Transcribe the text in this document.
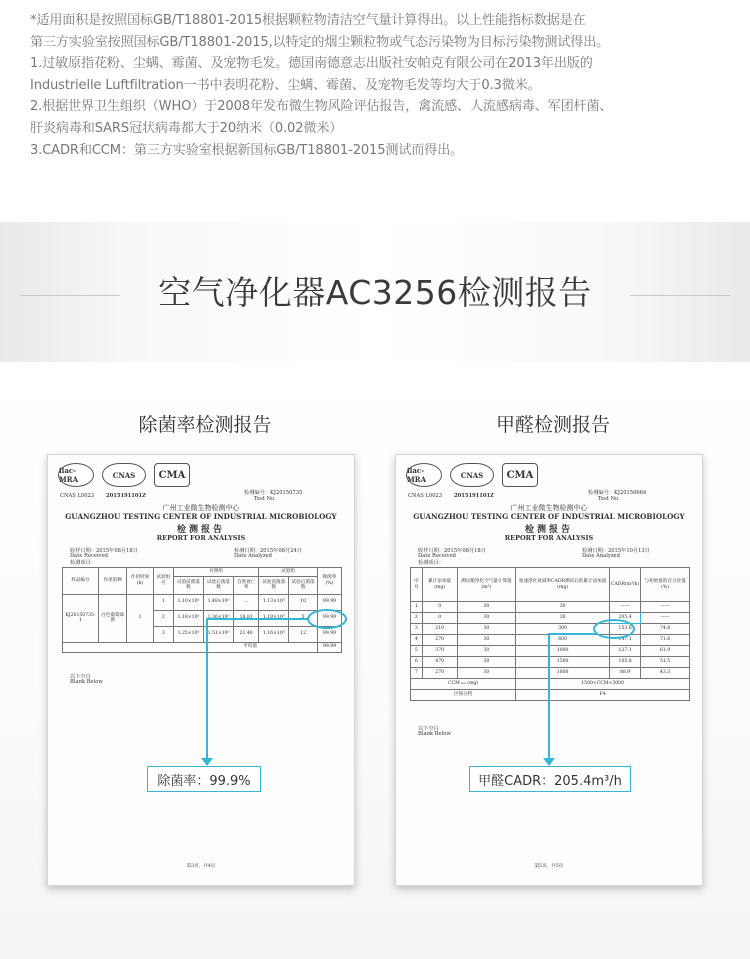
*适用面积是按照国标GB/T18801-2015根据颗粒物清洁空气量计算得出。以上性能指标数据是在

第三方实验室按照国标GB/T18801-2015,以特定的烟尘颗粒物或气态污染物为目标污染物测试得出。

1.过敏原指花粉、尘螨、霉菌、及宠物毛发。德国南德意志出版社安帕克有限公司在2013年出版的

Industrielle Luftfiltration一书中表明花粉、尘螨、霉菌、及宠物毛发等均大于0.3微米。

2.根据世界卫生组织（WHO）于2008年发布微生物风险评估报告，禽流感、人流感病毒、军团杆菌、

肝炎病毒和SARS冠状病毒都大于20纳米（0.02微米）

3.CADR和CCM：第三方实验室根据新国标GB/T18801-2015测试而得出。

空气净化器AC3256检测报告
除菌率检测报告	甲醛检测报告
ilac-MRA	CNAS	CMA
CNAS L0023 2015191101Z	检测编号：KJ20150735
Test No.
广州工业微生物检测中心
GUANGZHOU TESTING CENTER OF INDUSTRIAL MICROBIOLOGY
检测报告
REPORT FOR ANALYSIS
收样日期：2015年08月18日
Date Received
检测日期：2015年08月24日
Date Analyzed
检测项目：
样品编号	作用前种	作用时间(h)	试验组号	对照组			试验组		除菌率(%)
				试验前菌落数	试验后菌落数	自然衰亡率	试验前菌落数	试验后菌落数	
KJ20150735-1	白色葡萄球菌	1	1	1.10×10⁵	1.48×10⁵	...	1.13×10⁵	10	99.99
			2	1.18×10⁵					99.99
			3	1.25×10⁵	1.51×10⁵	21.40	1.16×10⁵	12	99.99
平均值									99.99
以下空白
Blank Below
第3页，共4页
ilac-MRA	CNAS	CMA
CNAS L0023 2015191101Z	检测编号：KJ20150664
Test No.
广州工业微生物检测中心
GUANGZHOU TESTING CENTER OF INDUSTRIAL MICROBIOLOGY
检测报告
REPORT FOR ANALYSIS
收样日期：2015年08月18日
Date Received
检测日期：2015年10月13日
Date Analyzed
检测项目：
序号	累计添加量(mg)	测试舱净化空气量计算值(m³)	加速净化衰减率CADR测试后的累计添加量(mg)	CADR(m³/h)	与初始值的百分比值(%)
1	0	30	30	——	——
2	0	30	30	205.4	——
3	210	30	300	153.6	74.8
4	270	30	600	147.1	71.6
5	370	30	1000	127.1	61.9
6	470	30	1500	105.8	51.5
7	270	30	1800	88.9	43.3
CCM ₘₑ (mg)			1500<CCM<3000		
区间分档			F4		
以下空白
Blank Below
第5页，共5页
除菌率：99.9%	甲醛CADR：205.4m³/h
